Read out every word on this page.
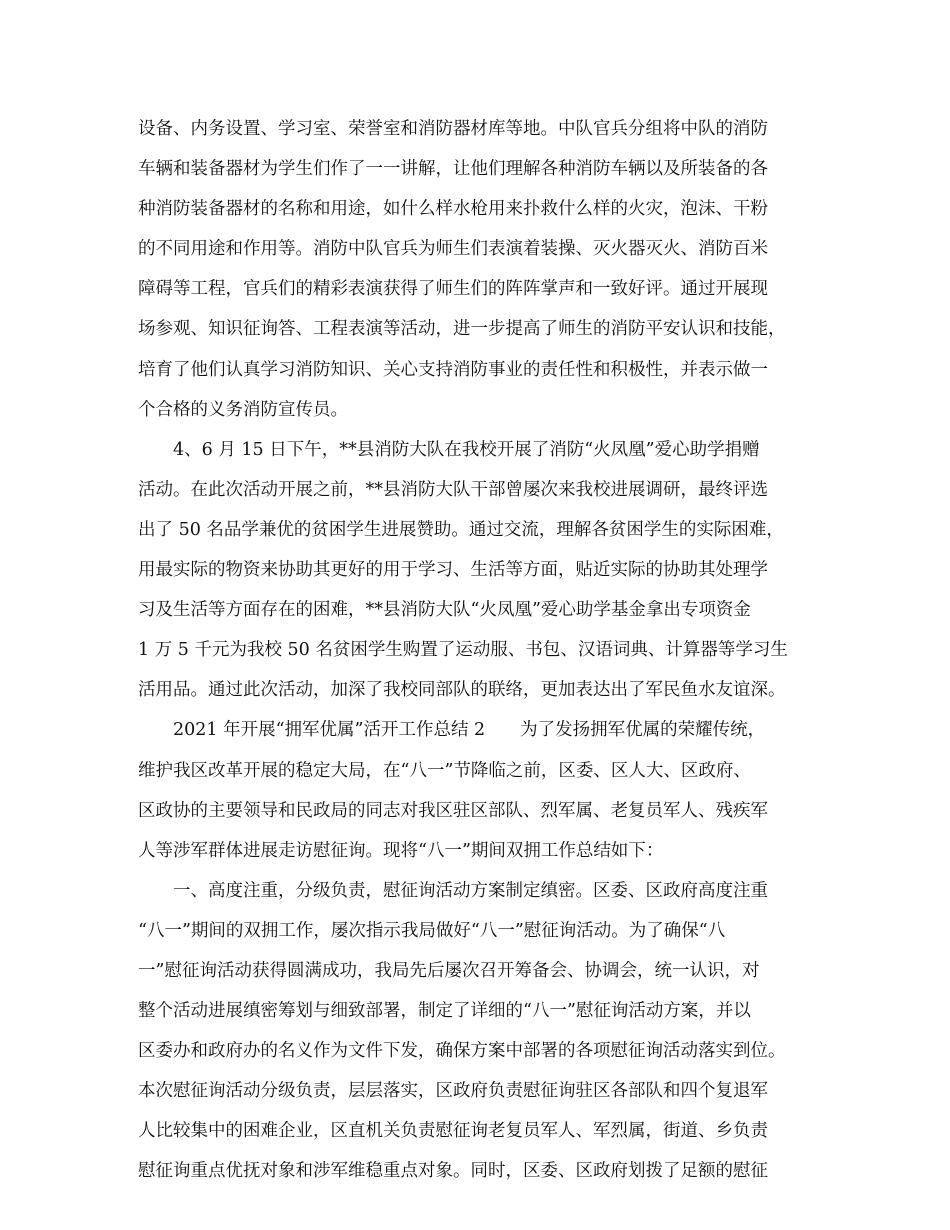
设备、内务设置、学习室、荣誉室和消防器材库等地。中队官兵分组将中队的消防
车辆和装备器材为学生们作了一一讲解，让他们理解各种消防车辆以及所装备的各
种消防装备器材的名称和用途，如什么样水枪用来扑救什么样的火灾，泡沫、干粉
的不同用途和作用等。消防中队官兵为师生们表演着装操、灭火器灭火、消防百米
障碍等工程，官兵们的精彩表演获得了师生们的阵阵掌声和一致好评。通过开展现
场参观、知识征询答、工程表演等活动，进一步提高了师生的消防平安认识和技能，
培育了他们认真学习消防知识、关心支持消防事业的责任性和积极性，并表示做一
个合格的义务消防宣传员。
　　4、6 月 15 日下午，**县消防大队在我校开展了消防“火凤凰”爱心助学捐赠
活动。在此次活动开展之前，**县消防大队干部曾屡次来我校进展调研，最终评选
出了 50 名品学兼优的贫困学生进展赞助。通过交流，理解各贫困学生的实际困难，
用最实际的物资来协助其更好的用于学习、生活等方面，贴近实际的协助其处理学
习及生活等方面存在的困难，**县消防大队“火凤凰”爱心助学基金拿出专项资金
1 万 5 千元为我校 50 名贫困学生购置了运动服、书包、汉语词典、计算器等学习生
活用品。通过此次活动，加深了我校同部队的联络，更加表达出了军民鱼水友谊深。
　　2021 年开展“拥军优属”活开工作总结 2　　为了发扬拥军优属的荣耀传统，
维护我区改革开展的稳定大局，在“八一”节降临之前，区委、区人大、区政府、
区政协的主要领导和民政局的同志对我区驻区部队、烈军属、老复员军人、残疾军
人等涉军群体进展走访慰征询。现将“八一”期间双拥工作总结如下：
　　一、高度注重，分级负责，慰征询活动方案制定缜密。区委、区政府高度注重
“八一”期间的双拥工作，屡次指示我局做好“八一”慰征询活动。为了确保“八
一”慰征询活动获得圆满成功，我局先后屡次召开筹备会、协调会，统一认识，对
整个活动进展缜密筹划与细致部署，制定了详细的“八一”慰征询活动方案，并以
区委办和政府办的名义作为文件下发，确保方案中部署的各项慰征询活动落实到位。
本次慰征询活动分级负责，层层落实，区政府负责慰征询驻区各部队和四个复退军
人比较集中的困难企业，区直机关负责慰征询老复员军人、军烈属，街道、乡负责
慰征询重点优抚对象和涉军维稳重点对象。同时，区委、区政府划拨了足额的慰征
